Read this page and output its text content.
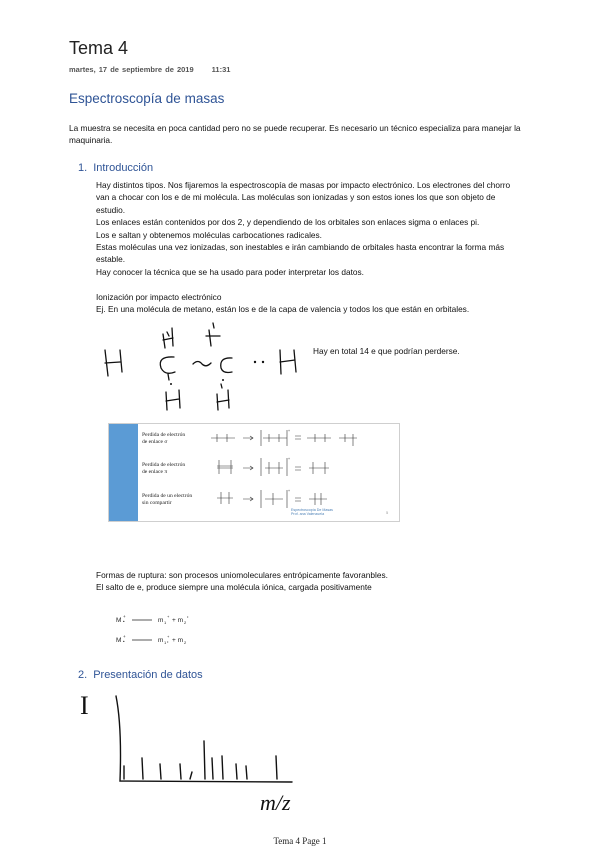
Tema 4
martes, 17 de septiembre de 2019 11:31
Espectroscopía de masas
La muestra se necesita en poca cantidad pero no se puede recuperar. Es necesario un técnico especializa para manejar la
maquinaria.
1. Introducción
Hay distintos tipos. Nos fijaremos la espectroscopía de masas por impacto electrónico. Los electrones del chorro
van a chocar con los e de mi molécula. Las moléculas son ionizadas y son estos iones los que son objeto de
estudio.
Los enlaces están contenidos por dos 2, y dependiendo de los orbitales son enlaces sigma o enlaces pi.
Los e saltan y obtenemos moléculas carbocationes radicales.
Estas moléculas una vez ionizadas, son inestables e irán cambiando de orbitales hasta encontrar la forma más
estable.
Hay conocer la técnica que se ha usado para poder interpretar los datos.
Ionización por impacto electrónico
Ej. En una molécula de metano, están los e de la capa de valencia y todos los que están en orbitales.
Hay en total 14 e que podrían perderse.
Perdida de electrón
de enlace σ
Perdida de electrón
de enlace π
Perdida de un electrón
sin compartir
+
+
+
Espectroscopía De Masas
Prof. ana Valenzuela	5
Formas de ruptura: son procesos uniomoleculares entrópicamente favoranbles.
El salto de e, produce siempre una molécula iónica, cargada positivamente
M
+
•	m 1
+
+ m 2
•
M
+
•	m 1
+
• + m 2
2. Presentación de datos
I
m/z
Tema 4 Page 1
